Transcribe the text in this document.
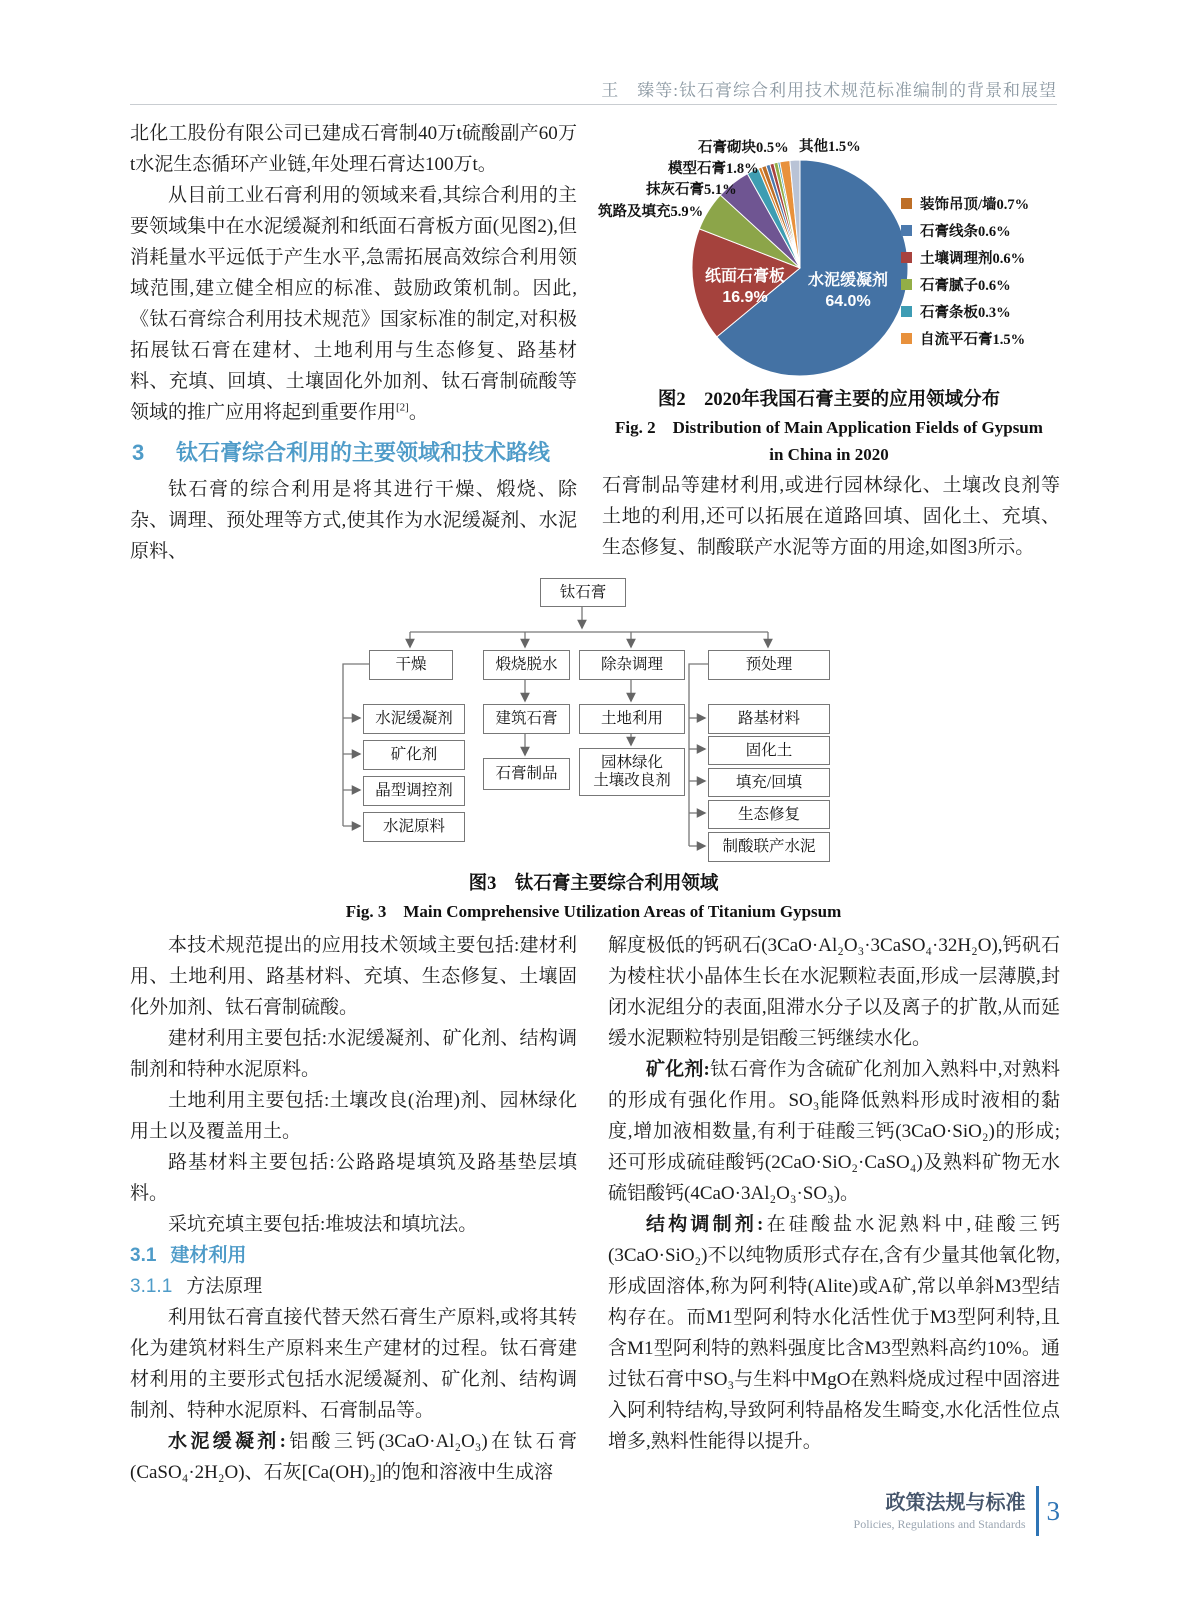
王　臻等:钛石膏综合利用技术规范标准编制的背景和展望

北化工股份有限公司已建成石膏制40万t硫酸副产60万t水泥生态循环产业链,年处理石膏达100万t。

从目前工业石膏利用的领域来看,其综合利用的主要领域集中在水泥缓凝剂和纸面石膏板方面(见图2),但消耗量水平远低于产生水平,急需拓展高效综合利用领域范围,建立健全相应的标准、鼓励政策机制。因此,《钛石膏综合利用技术规范》国家标准的制定,对积极拓展钛石膏在建材、土地利用与生态修复、路基材料、充填、回填、土壤固化外加剂、钛石膏制硫酸等领域的推广应用将起到重要作用[2]。

3 钛石膏综合利用的主要领域和技术路线

钛石膏的综合利用是将其进行干燥、煅烧、除杂、调理、预处理等方式,使其作为水泥缓凝剂、水泥原料、

石膏砌块0.5% 其他1.5%
模型石膏1.8%
抹灰石膏5.1%
筑路及填充5.9%
水泥缓凝剂
64.0%
纸面石膏板
16.9%
装饰吊顶/墙0.7%
石膏线条0.6%
土壤调理剂0.6%
石膏腻子0.6%
石膏条板0.3%
自流平石膏1.5%
图2　2020年我国石膏主要的应用领域分布
Fig. 2　Distribution of Main Application Fields of Gypsum
in China in 2020

石膏制品等建材利用,或进行园林绿化、土壤改良剂等土地的利用,还可以拓展在道路回填、固化土、充填、生态修复、制酸联产水泥等方面的用途,如图3所示。

钛石膏
干燥	煅烧脱水	除杂调理	预处理
水泥缓凝剂
矿化剂
晶型调控剂
水泥原料
建筑石膏
石膏制品
土地利用
园林绿化
土壤改良剂
路基材料
固化土
填充/回填
生态修复
制酸联产水泥
图3　钛石膏主要综合利用领域
Fig. 3　Main Comprehensive Utilization Areas of Titanium Gypsum

本技术规范提出的应用技术领域主要包括:建材利用、土地利用、路基材料、充填、生态修复、土壤固化外加剂、钛石膏制硫酸。

建材利用主要包括:水泥缓凝剂、矿化剂、结构调制剂和特种水泥原料。

土地利用主要包括:土壤改良(治理)剂、园林绿化用土以及覆盖用土。

路基材料主要包括:公路路堤填筑及路基垫层填料。

采坑充填主要包括:堆坡法和填坑法。

3.1 建材利用
3.1.1 方法原理

利用钛石膏直接代替天然石膏生产原料,或将其转化为建筑材料生产原料来生产建材的过程。钛石膏建材利用的主要形式包括水泥缓凝剂、矿化剂、结构调制剂、特种水泥原料、石膏制品等。

水泥缓凝剂:铝酸三钙(3CaO·Al₂O₃)在钛石膏(CaSO₄·2H₂O)、石灰[Ca(OH)₂]的饱和溶液中生成溶

解度极低的钙矾石(3CaO·Al₂O₃·3CaSO₄·32H₂O),钙矾石为棱柱状小晶体生长在水泥颗粒表面,形成一层薄膜,封闭水泥组分的表面,阻滞水分子以及离子的扩散,从而延缓水泥颗粒特别是铝酸三钙继续水化。

矿化剂:钛石膏作为含硫矿化剂加入熟料中,对熟料的形成有强化作用。SO₃能降低熟料形成时液相的黏度,增加液相数量,有利于硅酸三钙(3CaO·SiO₂)的形成;还可形成硫硅酸钙(2CaO·SiO₂·CaSO₄)及熟料矿物无水硫铝酸钙(4CaO·3Al₂O₃·SO₃)。

结构调制剂:在硅酸盐水泥熟料中,硅酸三钙(3CaO·SiO₂)不以纯物质形式存在,含有少量其他氧化物,形成固溶体,称为阿利特(Alite)或A矿,常以单斜M3型结构存在。而M1型阿利特水化活性优于M3型阿利特,且含M1型阿利特的熟料强度比含M3型熟料高约10%。通过钛石膏中SO₃与生料中MgO在熟料烧成过程中固溶进入阿利特结构,导致阿利特晶格发生畸变,水化活性位点增多,熟料性能得以提升。

政策法规与标准
Policies, Regulations and Standards 3
